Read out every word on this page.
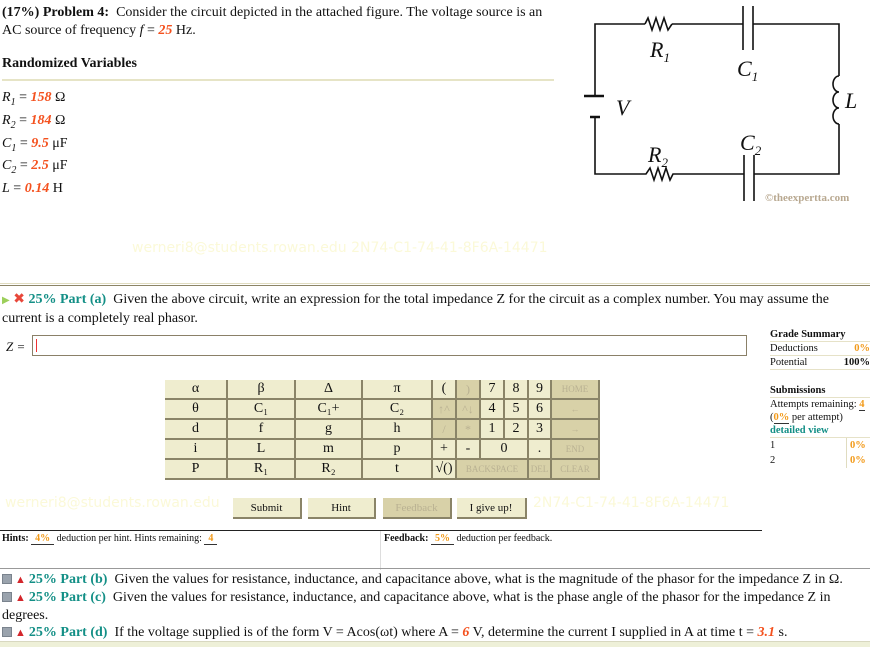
(17%) Problem 4: Consider the circuit depicted in the attached figure. The voltage source is an AC source of frequency f = 25 Hz.
Randomized Variables
$R_1 = 158$ Ω
$R_2 = 184$ Ω
$C_1 = 9.5$ μF
$C_2 = 2.5$ μF
L = 0.14 H
$R_1$	$C_1$
L
V
$C_2$
$R_2$
©theexpertta.com
werneri8@students.rowan.edu 2N74-C1-74-41-8F6A-14471
▶ ✖ 25% Part (a) Given the above circuit, write an expression for the total impedance Z for the circuit as a complex number. You may assume the current is a completely real phasor.
Z =
α	β	Δ	π	(	)	7	8	9	HOME
θ	C₁	C₁+	C₂	↑^	^↓	4	5	6	←
d	f	g	h	/	*	1	2	3	→
i	L	m	p	+	-	0	.	END
P	R₁	R₂	t	√()	BACKSPACE	DEL	CLEAR
werneri8@students.rowan.edu	2N74-C1-74-41-8F6A-14471
Submit	Hint	Feedback	I give up!
Grade Summary
Deductions	0%
Potential	100%
Submissions
Attempts remaining: 4
(0% per attempt)
detailed view
1	0%
2	0%
Hints: 4% deduction per hint. Hints remaining: 4	Feedback: 5% deduction per feedback.
▲ 25% Part (b) Given the values for resistance, inductance, and capacitance above, what is the magnitude of the phasor for the impedance Z in Ω.
▲ 25% Part (c) Given the values for resistance, inductance, and capacitance above, what is the phase angle of the phasor for the impedance Z in degrees.
▲ 25% Part (d) If the voltage supplied is of the form V = Acos(ωt) where A = 6 V, determine the current I supplied in A at time t = 3.1 s.
